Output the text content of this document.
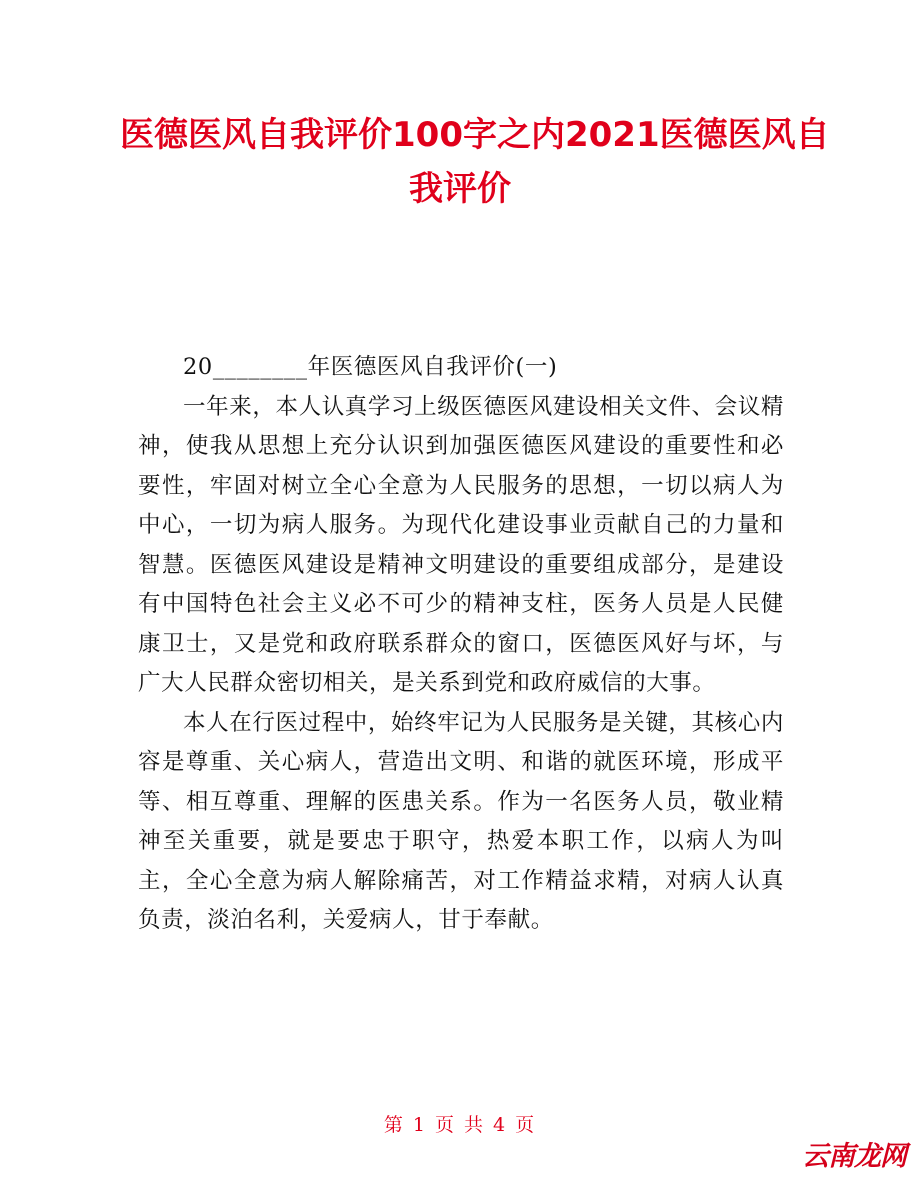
医德医风自我评价100字之内2021医德医风自
我评价

20________年医德医风自我评价(一)

一年来，本人认真学习上级医德医风建设相关文件、会议精神，使我从思想上充分认识到加强医德医风建设的重要性和必要性，牢固对树立全心全意为人民服务的思想，一切以病人为中心，一切为病人服务。为现代化建设事业贡献自己的力量和智慧。医德医风建设是精神文明建设的重要组成部分，是建设有中国特色社会主义必不可少的精神支柱，医务人员是人民健康卫士，又是党和政府联系群众的窗口，医德医风好与坏，与广大人民群众密切相关，是关系到党和政府威信的大事。

本人在行医过程中，始终牢记为人民服务是关键，其核心内容是尊重、关心病人，营造出文明、和谐的就医环境，形成平等、相互尊重、理解的医患关系。作为一名医务人员，敬业精神至关重要，就是要忠于职守，热爱本职工作，以病人为叫主，全心全意为病人解除痛苦，对工作精益求精，对病人认真负责，淡泊名利，关爱病人，甘于奉献。

第 1 页 共 4 页
云南龙网
